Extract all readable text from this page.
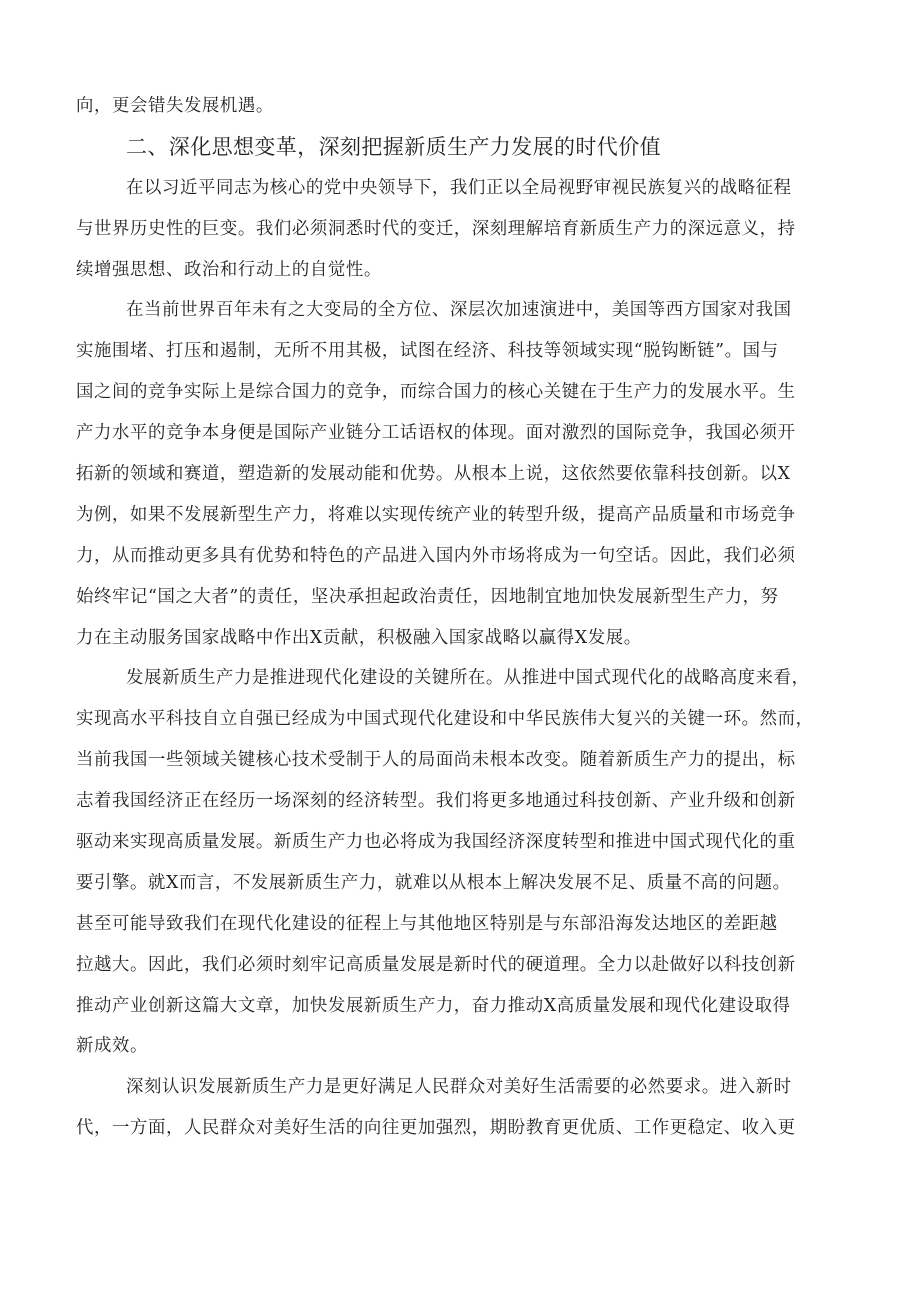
向，更会错失发展机遇。
二、深化思想变革，深刻把握新质生产力发展的时代价值
在以习近平同志为核心的党中央领导下，我们正以全局视野审视民族复兴的战略征程
与世界历史性的巨变。我们必须洞悉时代的变迁，深刻理解培育新质生产力的深远意义，持
续增强思想、政治和行动上的自觉性。
在当前世界百年未有之大变局的全方位、深层次加速演进中，美国等西方国家对我国
实施围堵、打压和遏制，无所不用其极，试图在经济、科技等领域实现“脱钩断链”。国与
国之间的竞争实际上是综合国力的竞争，而综合国力的核心关键在于生产力的发展水平。生
产力水平的竞争本身便是国际产业链分工话语权的体现。面对激烈的国际竞争，我国必须开
拓新的领域和赛道，塑造新的发展动能和优势。从根本上说，这依然要依靠科技创新。以X
为例，如果不发展新型生产力，将难以实现传统产业的转型升级，提高产品质量和市场竞争
力，从而推动更多具有优势和特色的产品进入国内外市场将成为一句空话。因此，我们必须
始终牢记“国之大者”的责任，坚决承担起政治责任，因地制宜地加快发展新型生产力，努
力在主动服务国家战略中作出X贡献，积极融入国家战略以赢得X发展。
发展新质生产力是推进现代化建设的关键所在。从推进中国式现代化的战略高度来看，
实现高水平科技自立自强已经成为中国式现代化建设和中华民族伟大复兴的关键一环。然而，
当前我国一些领域关键核心技术受制于人的局面尚未根本改变。随着新质生产力的提出，标
志着我国经济正在经历一场深刻的经济转型。我们将更多地通过科技创新、产业升级和创新
驱动来实现高质量发展。新质生产力也必将成为我国经济深度转型和推进中国式现代化的重
要引擎。就X而言，不发展新质生产力，就难以从根本上解决发展不足、质量不高的问题。
甚至可能导致我们在现代化建设的征程上与其他地区特别是与东部沿海发达地区的差距越
拉越大。因此，我们必须时刻牢记高质量发展是新时代的硬道理。全力以赴做好以科技创新
推动产业创新这篇大文章，加快发展新质生产力，奋力推动X高质量发展和现代化建设取得
新成效。
深刻认识发展新质生产力是更好满足人民群众对美好生活需要的必然要求。进入新时
代，一方面，人民群众对美好生活的向往更加强烈，期盼教育更优质、工作更稳定、收入更
